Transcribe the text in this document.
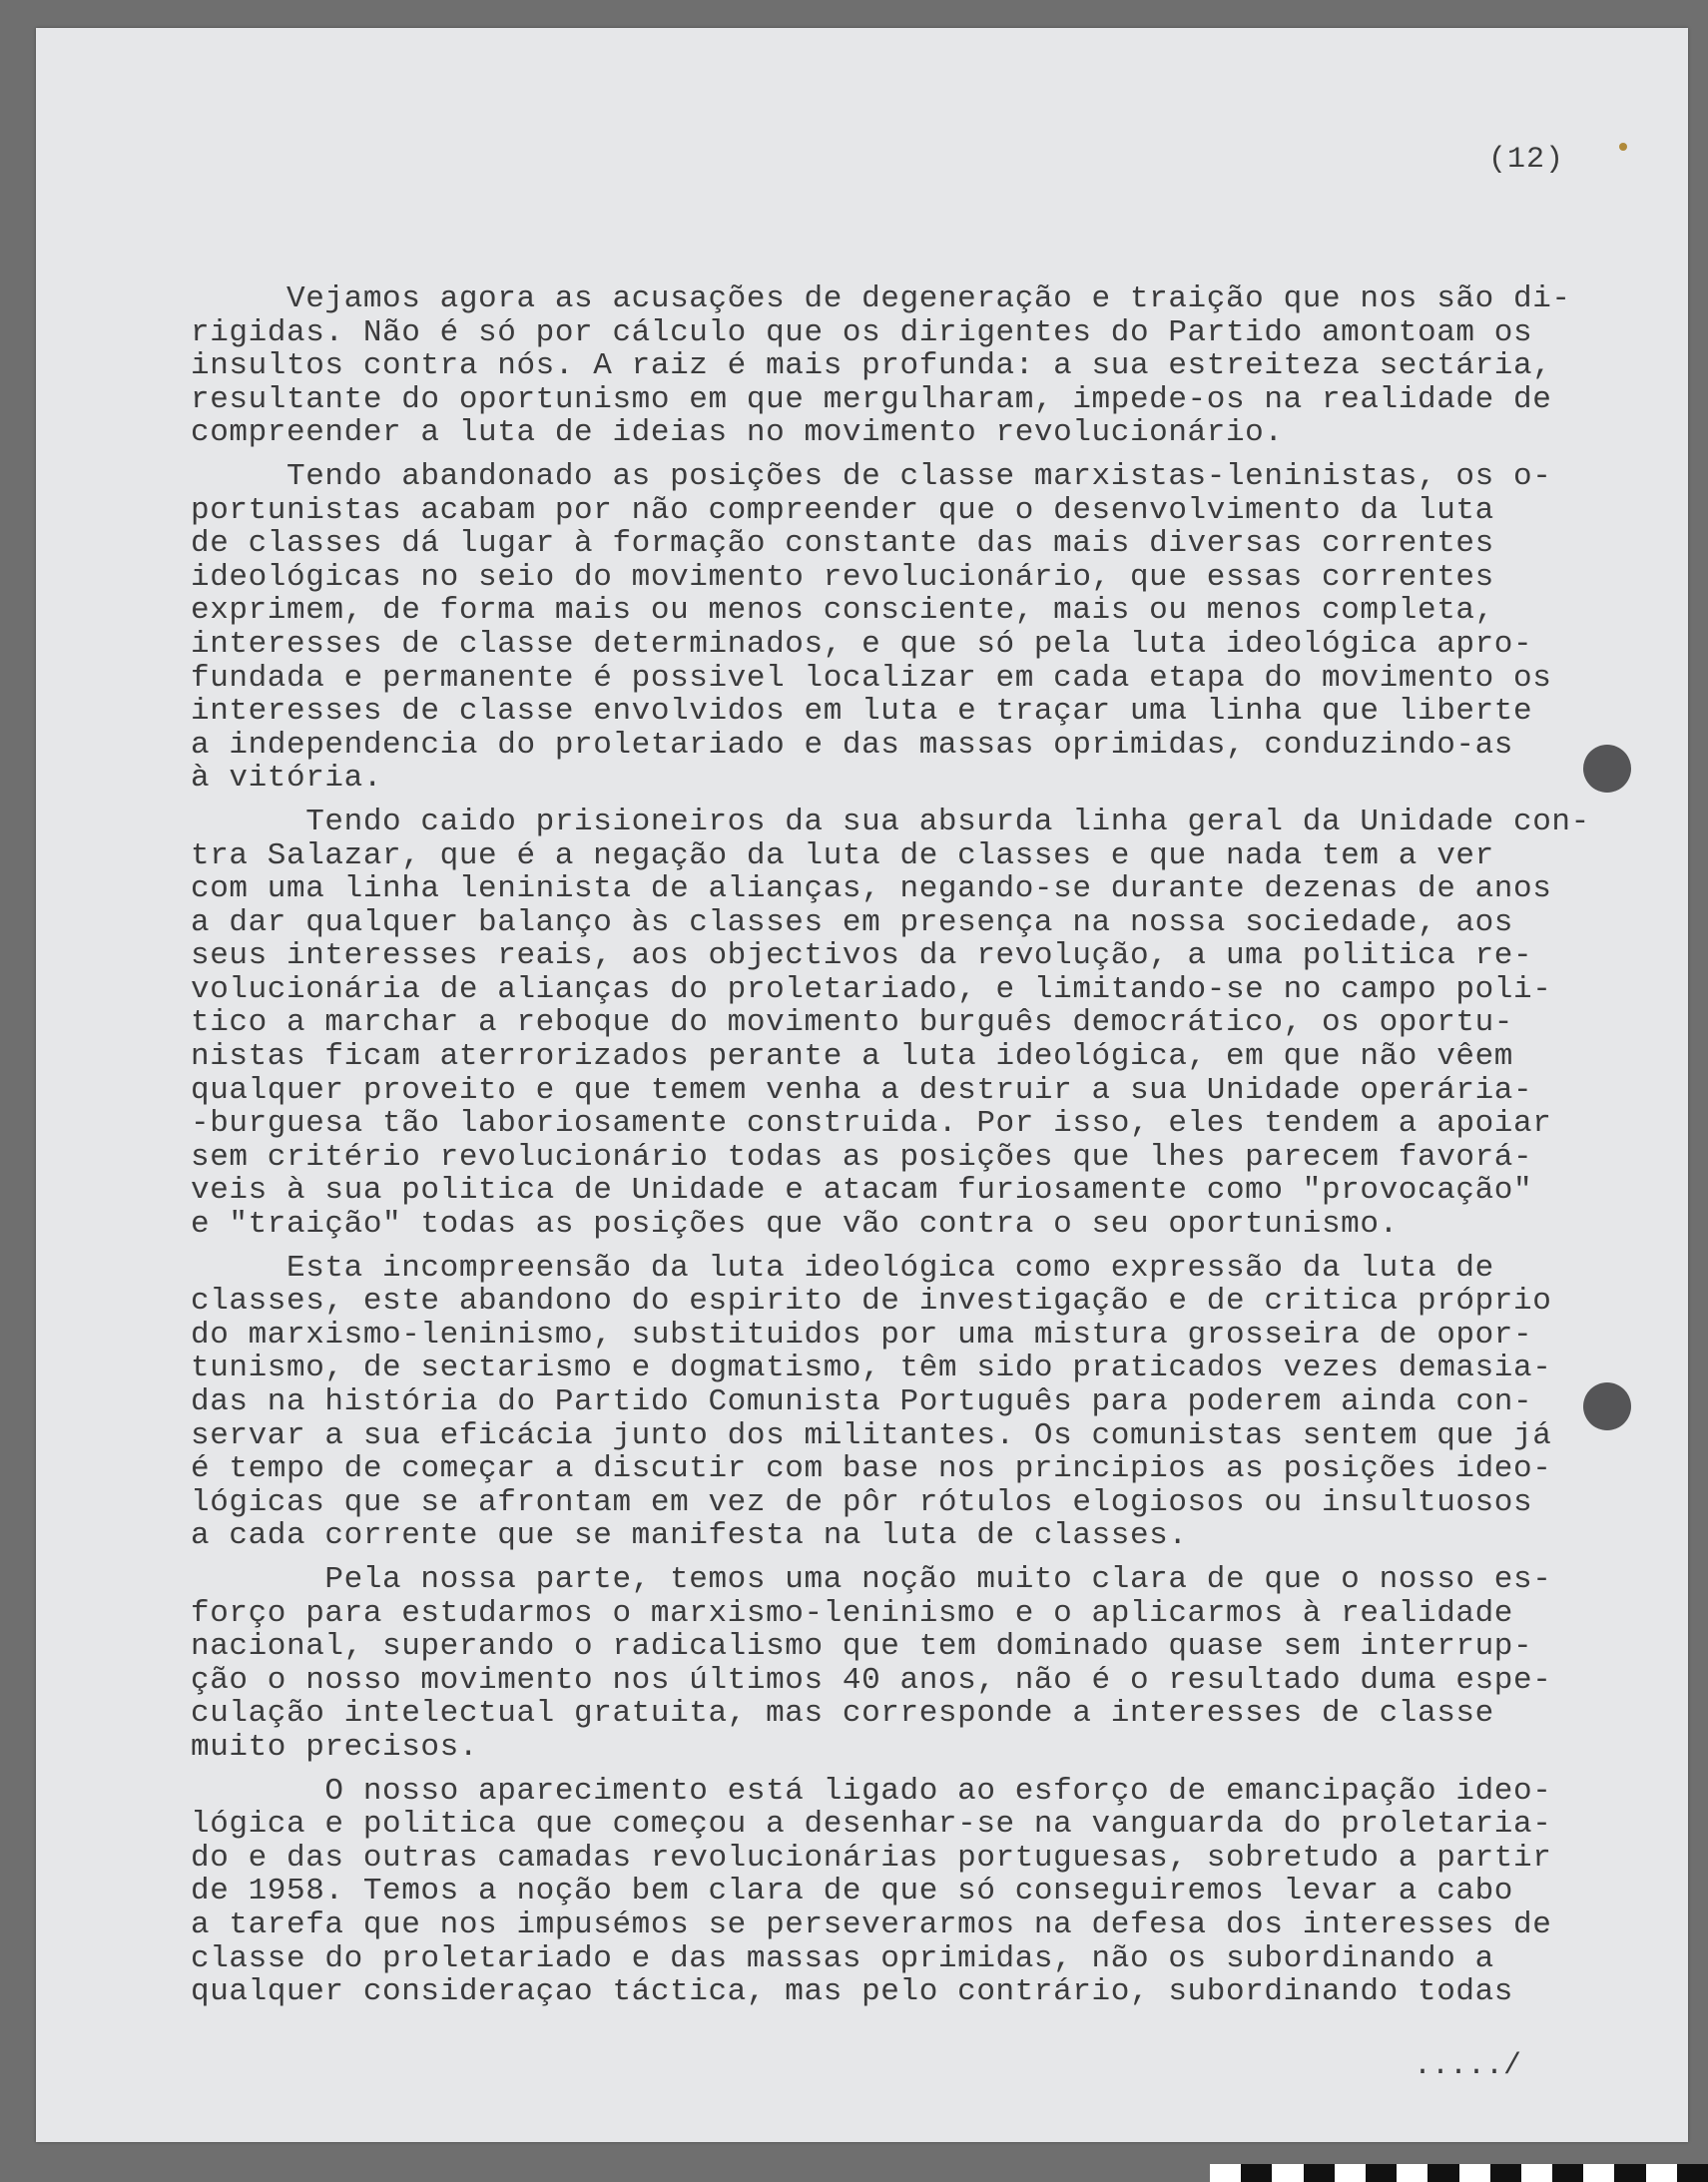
(12)

Vejamos agora as acusações de degeneração e traição que nos são di-
rigidas. Não é só por cálculo que os dirigentes do Partido amontoam os
insultos contra nós. A raiz é mais profunda: a sua estreiteza sectária,
resultante do oportunismo em que mergulharam, impede-os na realidade de
compreender a luta de ideias no movimento revolucionário.

Tendo abandonado as posições de classe marxistas-leninistas, os o-
portunistas acabam por não compreender que o desenvolvimento da luta
de classes dá lugar à formação constante das mais diversas correntes
ideológicas no seio do movimento revolucionário, que essas correntes
exprimem, de forma mais ou menos consciente, mais ou menos completa,
interesses de classe determinados, e que só pela luta ideológica apro-
fundada e permanente é possivel localizar em cada etapa do movimento os
interesses de classe envolvidos em luta e traçar uma linha que liberte
a independencia do proletariado e das massas oprimidas, conduzindo-as
à vitória.

Tendo caido prisioneiros da sua absurda linha geral da Unidade con-
tra Salazar, que é a negação da luta de classes e que nada tem a ver
com uma linha leninista de alianças, negando-se durante dezenas de anos
a dar qualquer balanço às classes em presença na nossa sociedade, aos
seus interesses reais, aos objectivos da revolução, a uma politica re-
volucionária de alianças do proletariado, e limitando-se no campo poli-
tico a marchar a reboque do movimento burguês democrático, os oportu-
nistas ficam aterrorizados perante a luta ideológica, em que não vêem
qualquer proveito e que temem venha a destruir a sua Unidade operária-
-burguesa tão laboriosamente construida. Por isso, eles tendem a apoiar
sem critério revolucionário todas as posições que lhes parecem favorá-
veis à sua politica de Unidade e atacam furiosamente como "provocação"
e "traição" todas as posições que vão contra o seu oportunismo.

Esta incompreensão da luta ideológica como expressão da luta de
classes, este abandono do espirito de investigação e de critica próprio
do marxismo-leninismo, substituidos por uma mistura grosseira de opor-
tunismo, de sectarismo e dogmatismo, têm sido praticados vezes demasia-
das na história do Partido Comunista Português para poderem ainda con-
servar a sua eficácia junto dos militantes. Os comunistas sentem que já
é tempo de começar a discutir com base nos principios as posições ideo-
lógicas que se afrontam em vez de pôr rótulos elogiosos ou insultuosos
a cada corrente que se manifesta na luta de classes.

Pela nossa parte, temos uma noção muito clara de que o nosso es-
forço para estudarmos o marxismo-leninismo e o aplicarmos à realidade
nacional, superando o radicalismo que tem dominado quase sem interrup-
ção o nosso movimento nos últimos 40 anos, não é o resultado duma espe-
culação intelectual gratuita, mas corresponde a interesses de classe
muito precisos.

O nosso aparecimento está ligado ao esforço de emancipação ideo-
lógica e politica que começou a desenhar-se na vanguarda do proletaria-
do e das outras camadas revolucionárias portuguesas, sobretudo a partir
de 1958. Temos a noção bem clara de que só conseguiremos levar a cabo
a tarefa que nos impusémos se perseverarmos na defesa dos interesses de
classe do proletariado e das massas oprimidas, não os subordinando a
qualquer consideraçao táctica, mas pelo contrário, subordinando todas

...../
